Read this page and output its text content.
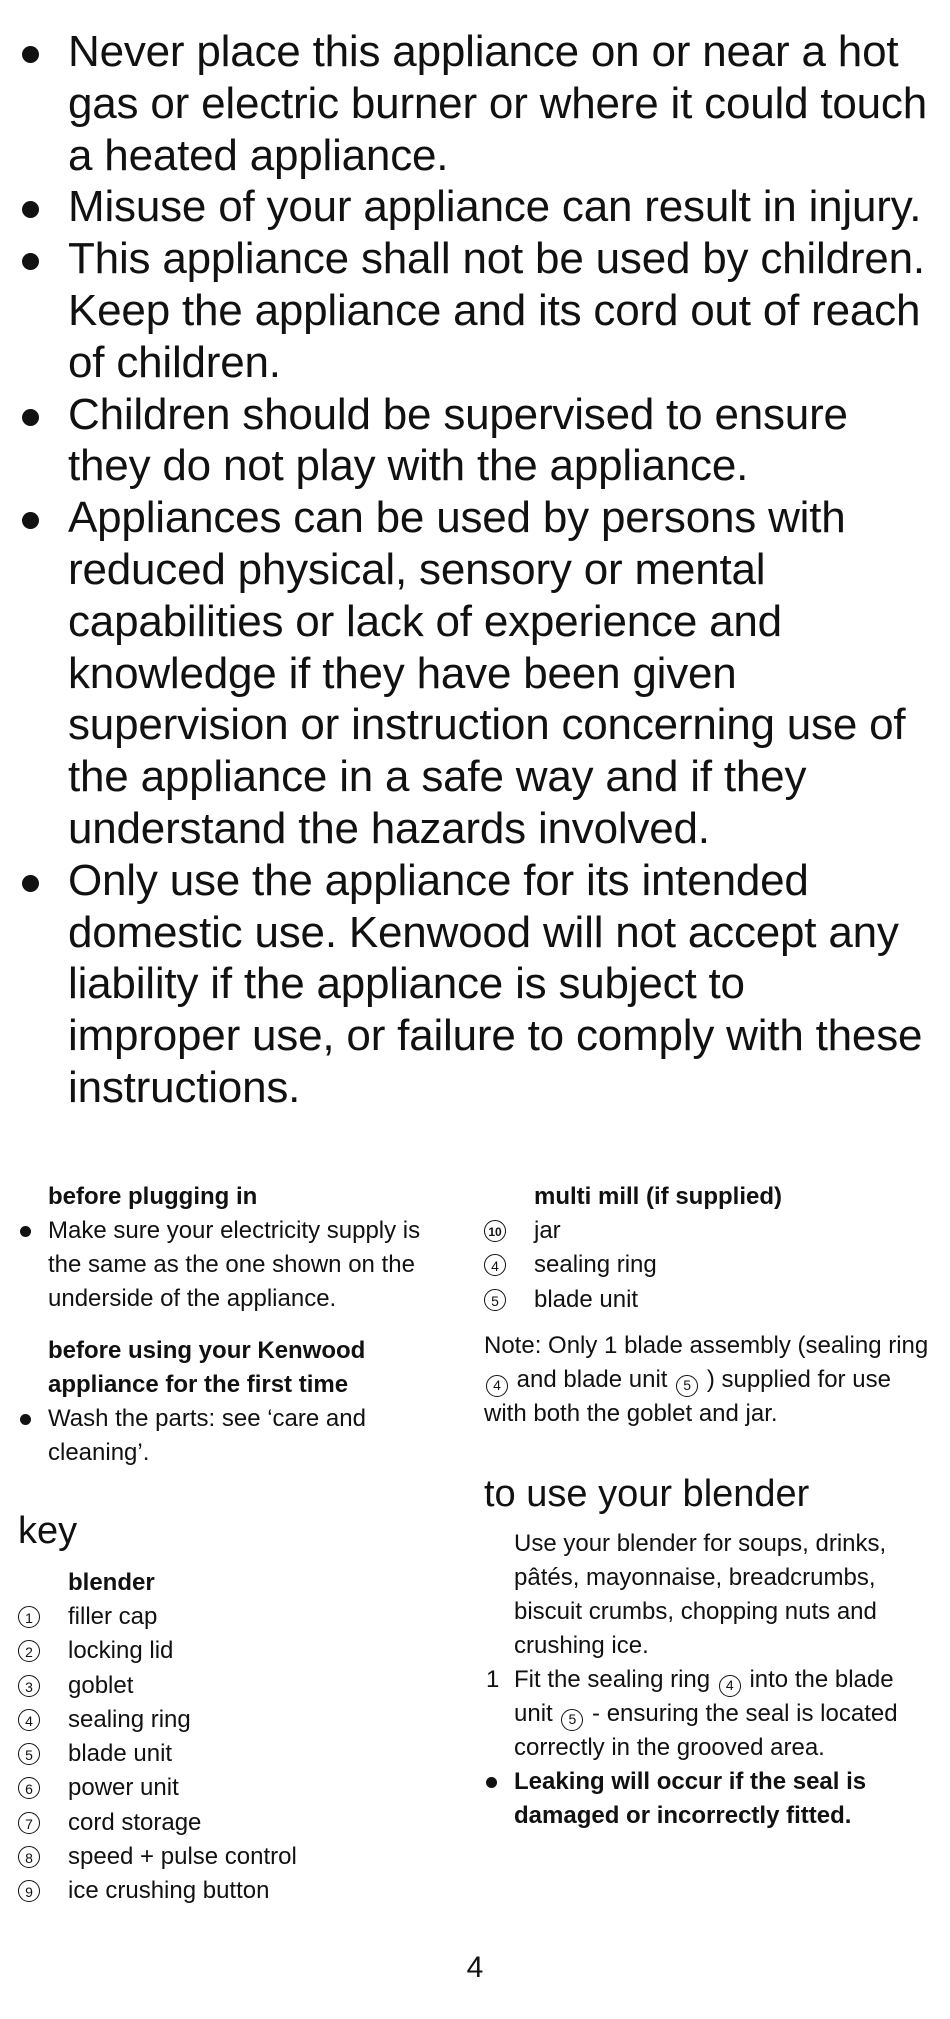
Never place this appliance on or near a hot gas or electric burner or where it could touch a heated appliance.
Misuse of your appliance can result in injury.
This appliance shall not be used by children. Keep the appliance and its cord out of reach of children.
Children should be supervised to ensure they do not play with the appliance.
Appliances can be used by persons with reduced physical, sensory or mental capabilities or lack of experience and knowledge if they have been given supervision or instruction concerning use of the appliance in a safe way and if they understand the hazards involved.
Only use the appliance for its intended domestic use. Kenwood will not accept any liability if the appliance is subject to improper use, or failure to comply with these instructions.

before plugging in

Make sure your electricity supply is the same as the one shown on the underside of the appliance.

before using your Kenwood appliance for the first time

Wash the parts: see ‘care and cleaning’.
key

blender

1 filler cap
2 locking lid
3 goblet
4 sealing ring
5 blade unit
6 power unit
7 cord storage
8 speed + pulse control
9 ice crushing button

multi mill (if supplied)

10 jar
4 sealing ring
5 blade unit

Note: Only 1 blade assembly (sealing ring 4 and blade unit 5 ) supplied for use with both the goblet and jar.

to use your blender

Use your blender for soups, drinks, pâtés, mayonnaise, breadcrumbs, biscuit crumbs, chopping nuts and crushing ice.

1 Fit the sealing ring 4 into the blade unit 5 - ensuring the seal is located correctly in the grooved area.
Leaking will occur if the seal is damaged or incorrectly fitted.
4
